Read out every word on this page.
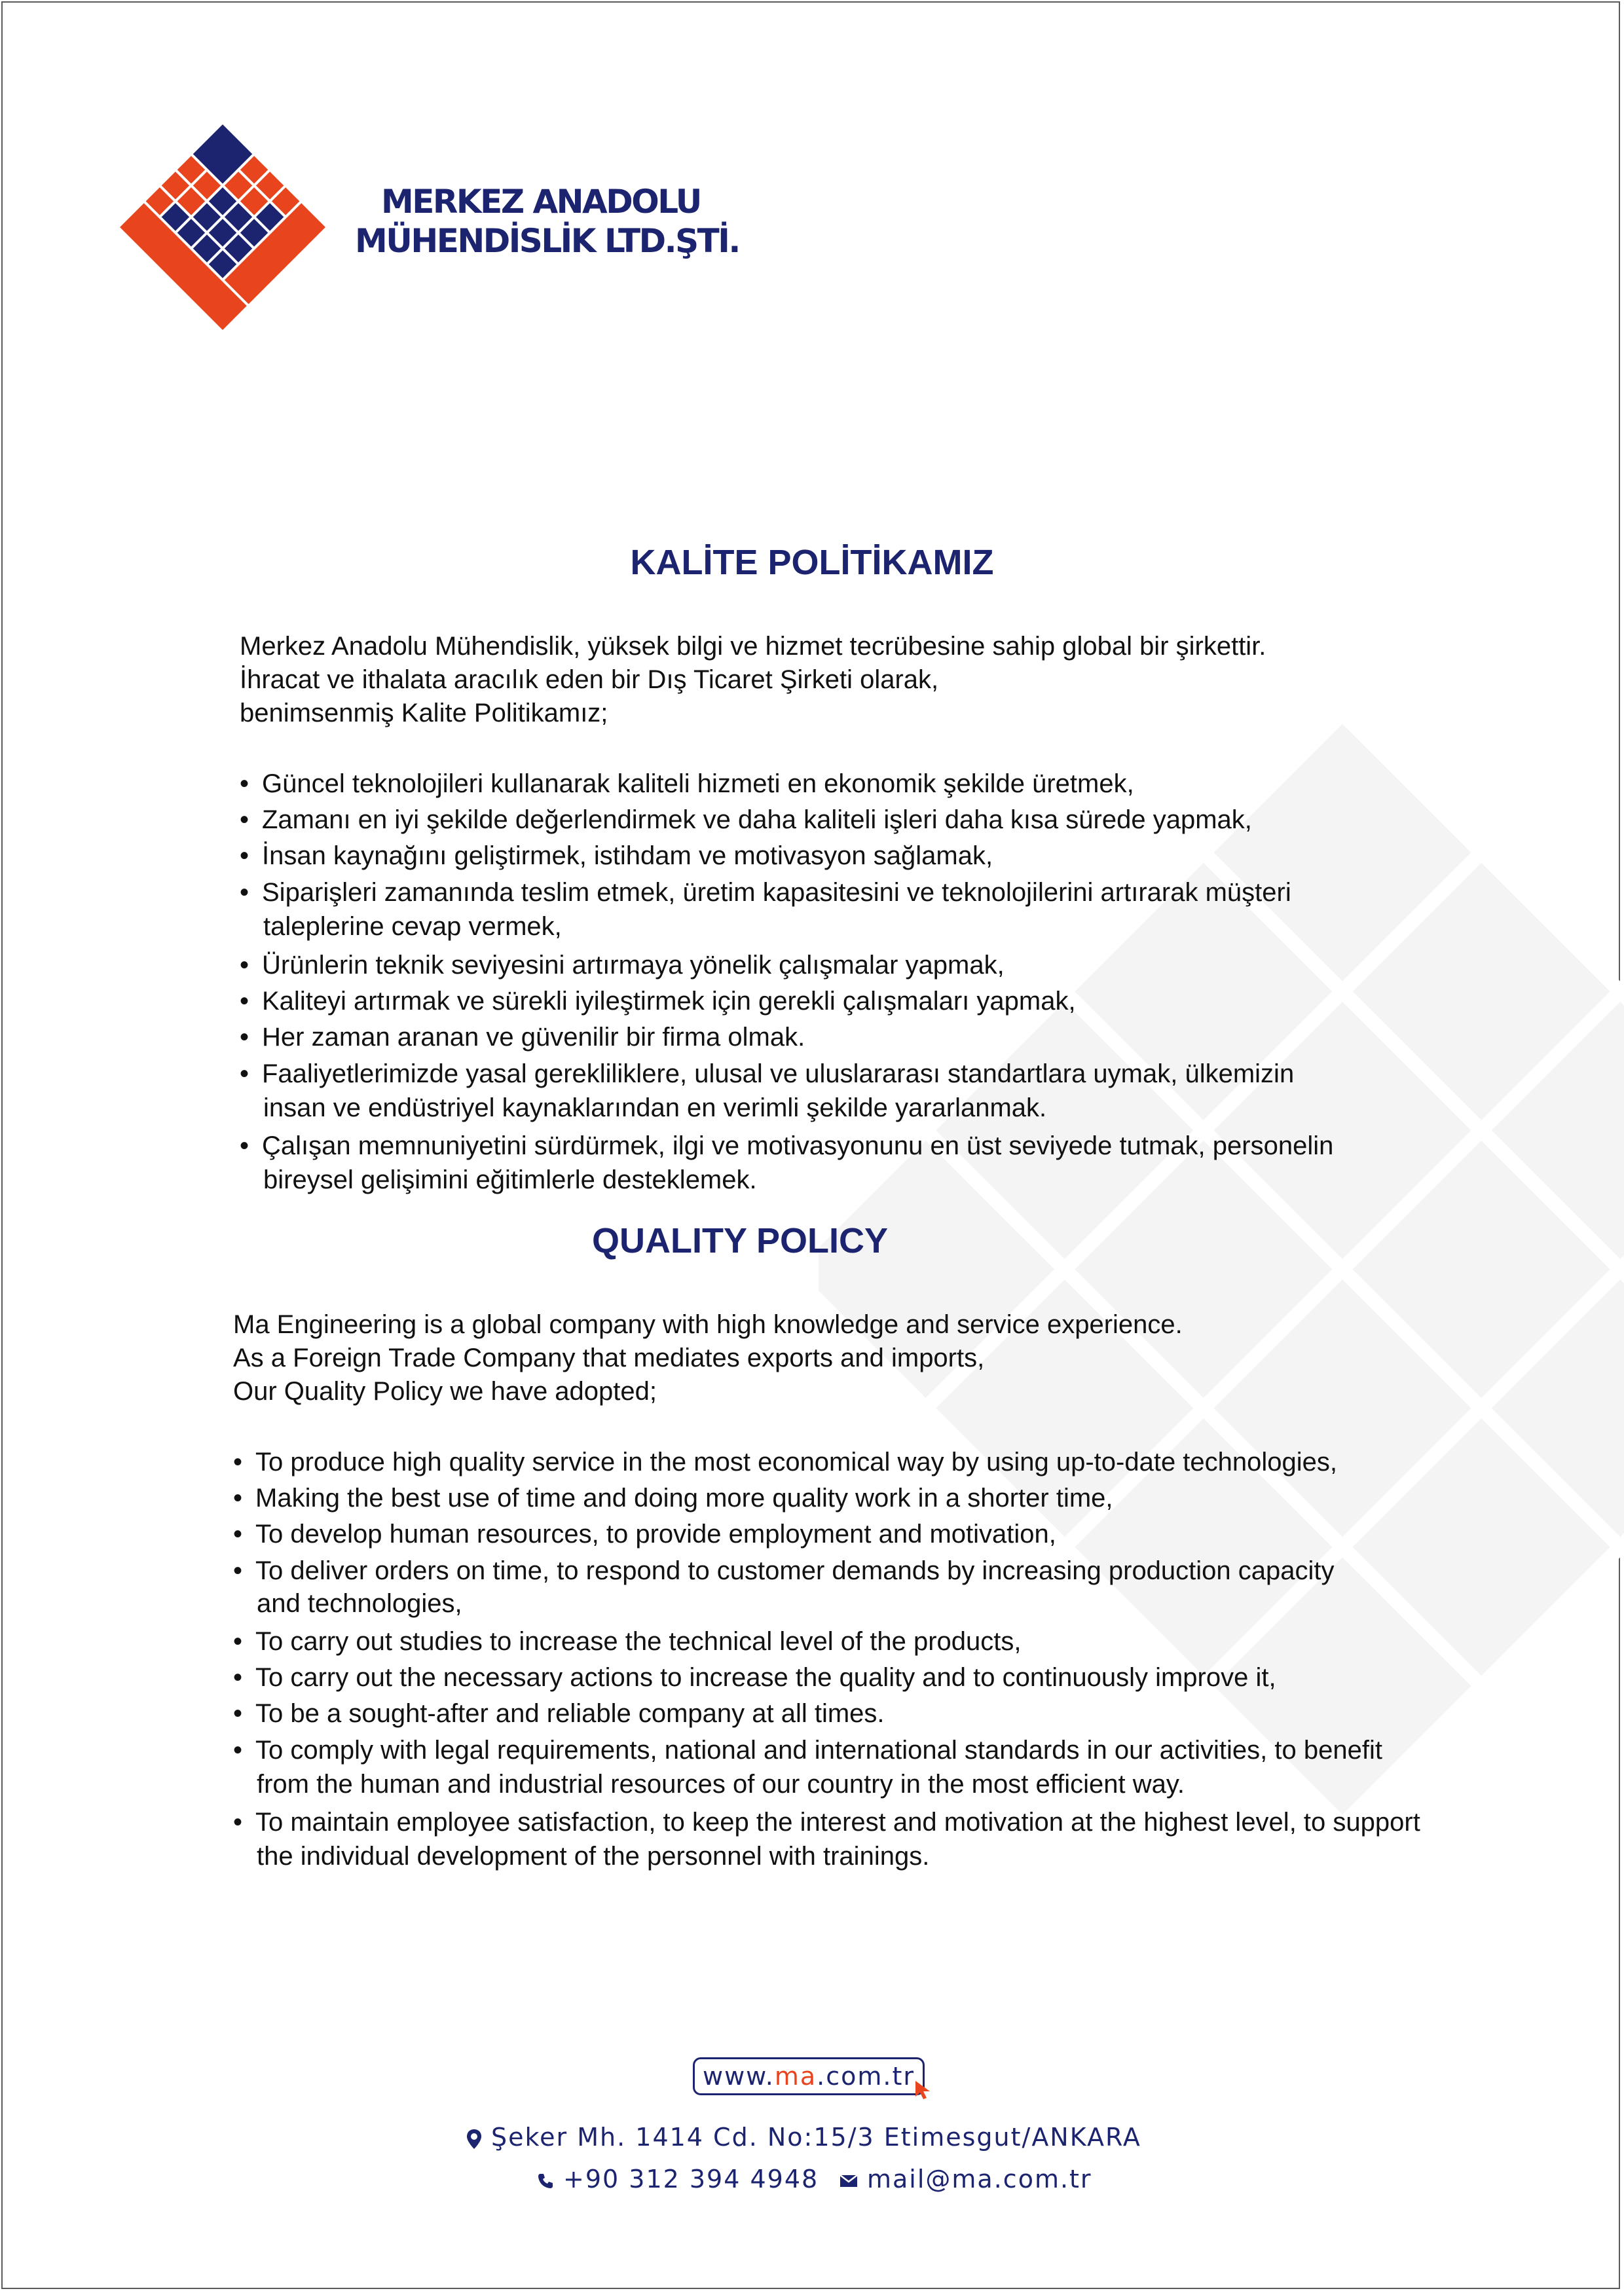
MERKEZ ANADOLU
MÜHENDİSLİK LTD.ŞTİ.
KALİTE POLİTİKAMIZ
Merkez Anadolu Mühendislik, yüksek bilgi ve hizmet tecrübesine sahip global bir şirkettir.
İhracat ve ithalata aracılık eden bir Dış Ticaret Şirketi olarak,
benimsenmiş Kalite Politikamız;
• Güncel teknolojileri kullanarak kaliteli hizmeti en ekonomik şekilde üretmek,
• Zamanı en iyi şekilde değerlendirmek ve daha kaliteli işleri daha kısa sürede yapmak,
• İnsan kaynağını geliştirmek, istihdam ve motivasyon sağlamak,
• Siparişleri zamanında teslim etmek, üretim kapasitesini ve teknolojilerini artırarak müşteri
taleplerine cevap vermek,
• Ürünlerin teknik seviyesini artırmaya yönelik çalışmalar yapmak,
• Kaliteyi artırmak ve sürekli iyileştirmek için gerekli çalışmaları yapmak,
• Her zaman aranan ve güvenilir bir firma olmak.
• Faaliyetlerimizde yasal gerekliliklere, ulusal ve uluslararası standartlara uymak, ülkemizin
insan ve endüstriyel kaynaklarından en verimli şekilde yararlanmak.
• Çalışan memnuniyetini sürdürmek, ilgi ve motivasyonunu en üst seviyede tutmak, personelin
bireysel gelişimini eğitimlerle desteklemek.
QUALITY POLICY
Ma Engineering is a global company with high knowledge and service experience.
As a Foreign Trade Company that mediates exports and imports,
Our Quality Policy we have adopted;
• To produce high quality service in the most economical way by using up-to-date technologies,
• Making the best use of time and doing more quality work in a shorter time,
• To develop human resources, to provide employment and motivation,
• To deliver orders on time, to respond to customer demands by increasing production capacity
and technologies,
• To carry out studies to increase the technical level of the products,
• To carry out the necessary actions to increase the quality and to continuously improve it,
• To be a sought-after and reliable company at all times.
• To comply with legal requirements, national and international standards in our activities, to benefit
from the human and industrial resources of our country in the most efficient way.
• To maintain employee satisfaction, to keep the interest and motivation at the highest level, to support
the individual development of the personnel with trainings.
www.ma.com.tr
Şeker Mh. 1414 Cd. No:15/3 Etimesgut/ANKARA
+90 312 394 4948	mail@ma.com.tr
